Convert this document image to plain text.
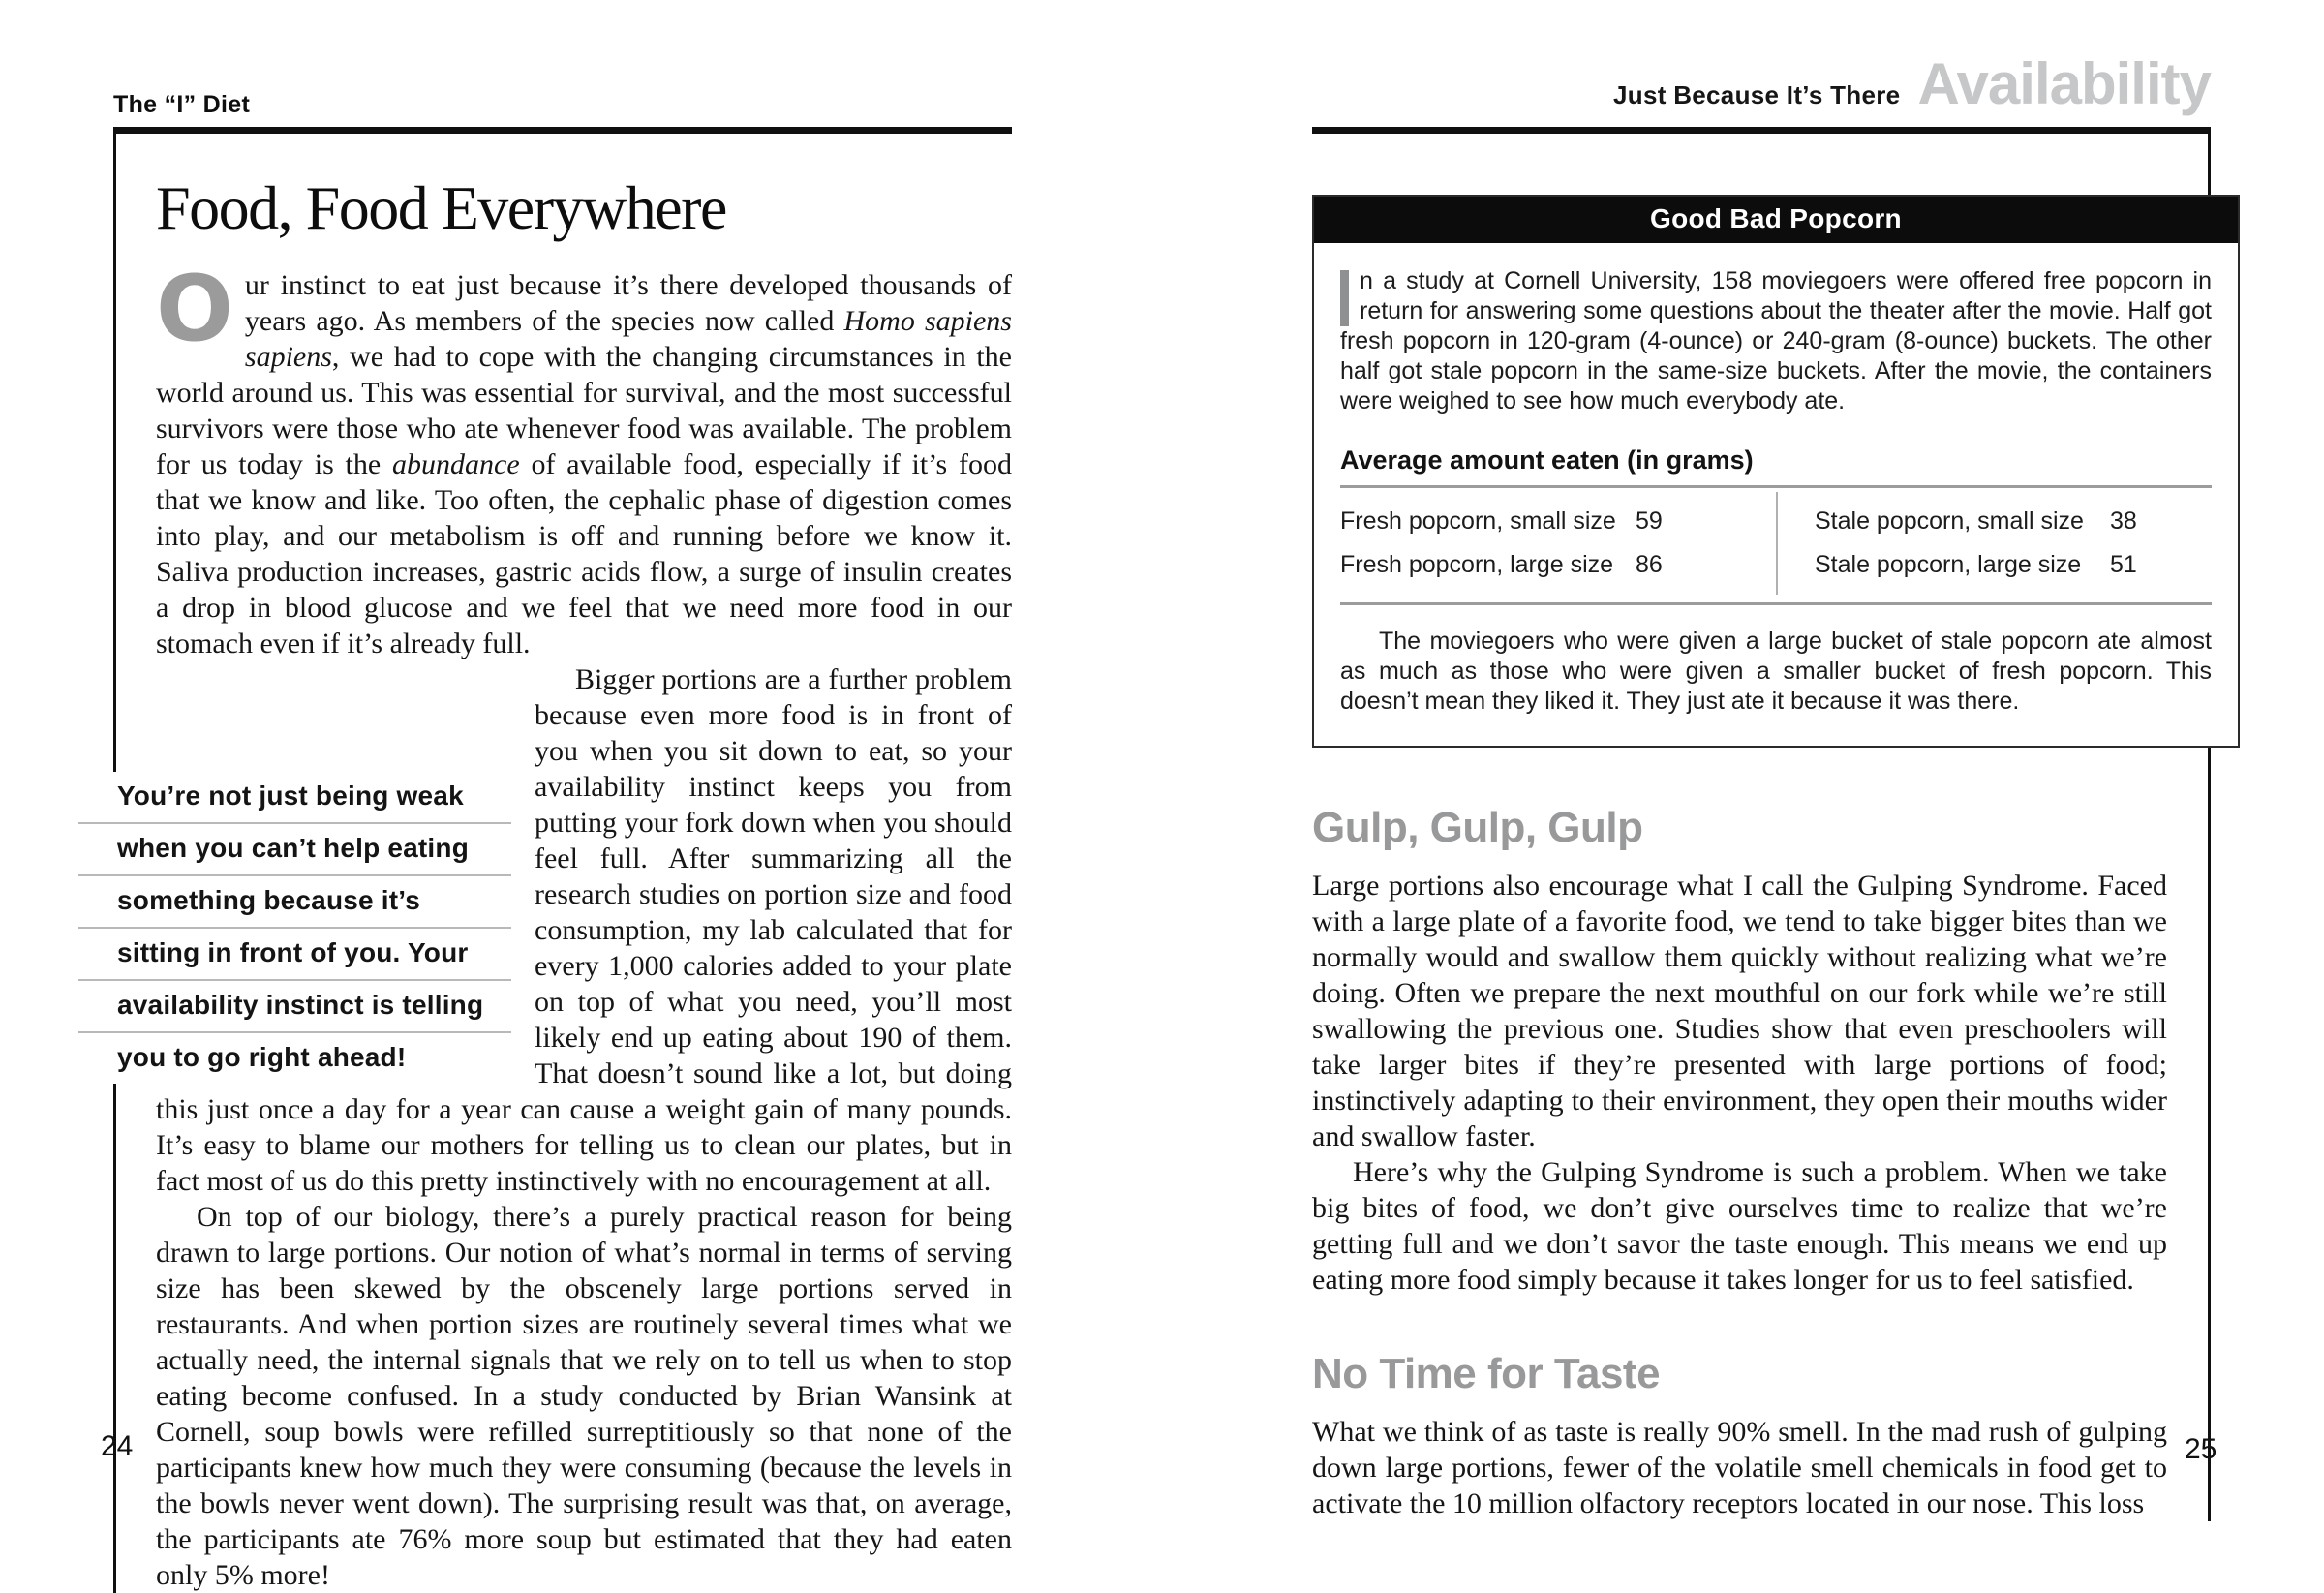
The “I” Diet
Food, Food Everywhere
Our instinct to eat just because it’s there developed thousands of years ago. As members of the species now called Homo sapiens sapiens, we had to cope with the changing circumstances in the world around us. This was essential for survival, and the most successful survivors were those who ate whenever food was available. The problem for us today is the abundance of available food, especially if it’s food that we know and like. Too often, the cephalic phase of digestion comes into play, and our metabolism is off and running before we know it. Saliva production increases, gastric acids flow, a surge of insulin creates a drop in blood glucose and we feel that we need more food in our stomach even if it’s already full.
You’re not just being weak
when you can’t help eating
something because it’s
sitting in front of you. Your
availability instinct is telling
you to go right ahead!
Bigger portions are a further problem because even more food is in front of you when you sit down to eat, so your availability instinct keeps you from putting your fork down when you should feel full. After summarizing all the research studies on portion size and food consumption, my lab calculated that for every 1,000 calories added to your plate on top of what you need, you’ll most likely end up eating about 190 of them. That doesn’t sound like a lot, but doing this just once a day for a year can cause a weight gain of many pounds. It’s easy to blame our mothers for telling us to clean our plates, but in fact most of us do this pretty instinctively with no encouragement at all.
On top of our biology, there’s a purely practical reason for being drawn to large portions. Our notion of what’s normal in terms of serving size has been skewed by the obscenely large portions served in restaurants. And when portion sizes are routinely several times what we actually need, the internal signals that we rely on to tell us when to stop eating become confused. In a study conducted by Brian Wansink at Cornell, soup bowls were refilled surreptitiously so that none of the participants knew how much they were consuming (because the levels in the bowls never went down). The surprising result was that, on average, the participants ate 76% more soup but estimated that they had eaten only 5% more!
24
Just Because It’s There Availability
Good Bad Popcorn

n a study at Cornell University, 158 moviegoers were offered free popcorn in return for answering some questions about the theater after the movie. Half got fresh popcorn in 120-gram (4-ounce) or 240-gram (8-ounce) buckets. The other half got stale popcorn in the same-size buckets. After the movie, the containers were weighed to see how much everybody ate.

Average amount eaten (in grams)
Fresh popcorn, small size 59
Fresh popcorn, large size 86
Stale popcorn, small size	38
Stale popcorn, large size	51

The moviegoers who were given a large bucket of stale popcorn ate almost as much as those who were given a smaller bucket of fresh popcorn. This doesn’t mean they liked it. They just ate it because it was there.

Gulp, Gulp, Gulp
Large portions also encourage what I call the Gulping Syndrome. Faced with a large plate of a favorite food, we tend to take bigger bites than we normally would and swallow them quickly without realizing what we’re doing. Often we prepare the next mouthful on our fork while we’re still swallowing the previous one. Studies show that even preschoolers will take larger bites if they’re presented with large portions of food; instinctively adapting to their environment, they open their mouths wider and swallow faster.
Here’s why the Gulping Syndrome is such a problem. When we take big bites of food, we don’t give ourselves time to realize that we’re getting full and we don’t savor the taste enough. This means we end up eating more food simply because it takes longer for us to feel satisfied.
No Time for Taste
What we think of as taste is really 90% smell. In the mad rush of gulping down large portions, fewer of the volatile smell chemicals in food get to activate the 10 million olfactory receptors located in our nose. This loss
25
